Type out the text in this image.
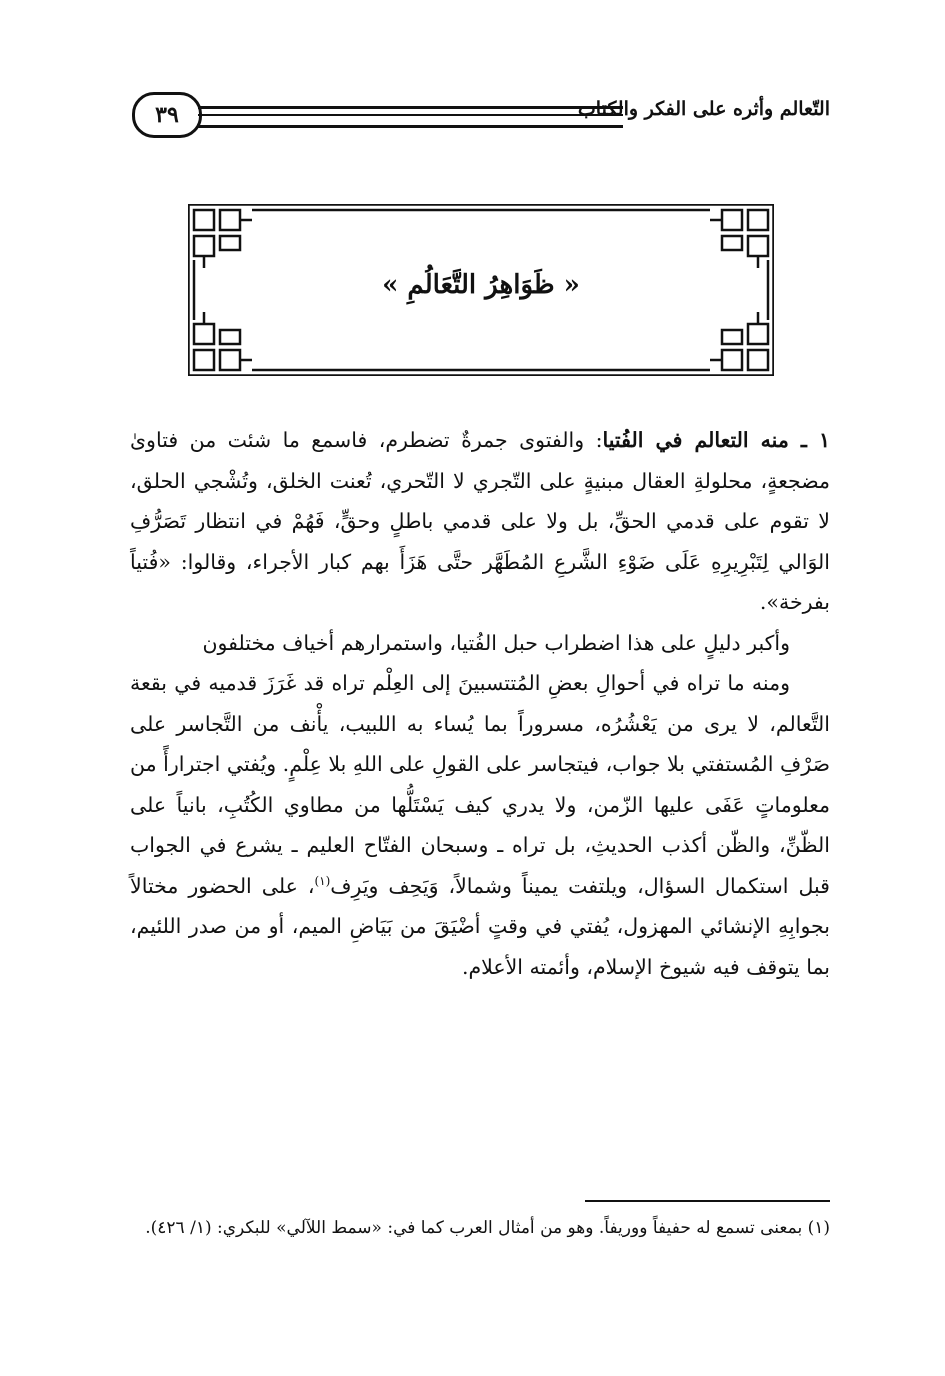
التّعالم وأثره على الفكر والكتاب
٣٩
« ظَوَاهِرُ التَّعَالُمِ »

١ ـ منه التعالم في الفُتيا: والفتوى جمرةٌ تضطرم، فاسمع ما شئت من فتاوىٰ مضجعةٍ، محلولةِ العقال مبنيةٍ على التّجري لا التّحري، تُعنت الخلق، وتُشْجي الحلق، لا تقوم على قدمي الحقِّ، بل ولا على قدمي باطلٍ وحقٍّ، فَهُمْ في انتظار تَصَرُّفِ الوَالي لِتَبْرِيرِهِ عَلَى ضَوْءِ الشَّرعِ المُطَهَّر حتَّى هَزَأَ بهم كبار الأجراء، وقالوا: «فُتياً بفرخة».

وأكبر دليلٍ على هذا اضطراب حبل الفُتيا، واستمرارهم أخياف مختلفون

ومنه ما تراه في أحوالِ بعضِ المُتتسبينَ إلى العِلْم تراه قد غَرَزَ قدميه في بقعة التَّعالم، لا يرى من يَعْشُرُه، مسروراً بما يُساء به اللبيب، يأْنف من التَّجاسر على صَرْفِ المُستفتي بلا جواب، فيتجاسر على القولِ على اللهِ بلا عِلْمٍ. ويُفتي اجترارأً من معلوماتٍ عَفَى عليها الزّمن، ولا يدري كيف يَسْتَلُّها من مطاوي الكُتُبِ، بانياً على الظّنِّ، والظّن أكذب الحديثِ، بل تراه ـ وسبحان الفتّاح العليم ـ يشرع في الجواب قبل استكمال السؤال، ويلتفت يميناً وشمالاً، وَيَحِف ويَرِف$^{(١)}$، على الحضور مختالاً بجوابِهِ الإنشائي المهزول، يُفتي في وقتٍ أضْيَقَ من بَيَاضِ الميم، أو من صدر اللئيم، بما يتوقف فيه شيوخ الإسلام، وأئمته الأعلام.

(١) بمعنى تسمع له حفيفاً ووريفاً. وهو من أمثال العرب كما في: «سمط اللآلي» للبكري: (١/ ٤٢٦).
